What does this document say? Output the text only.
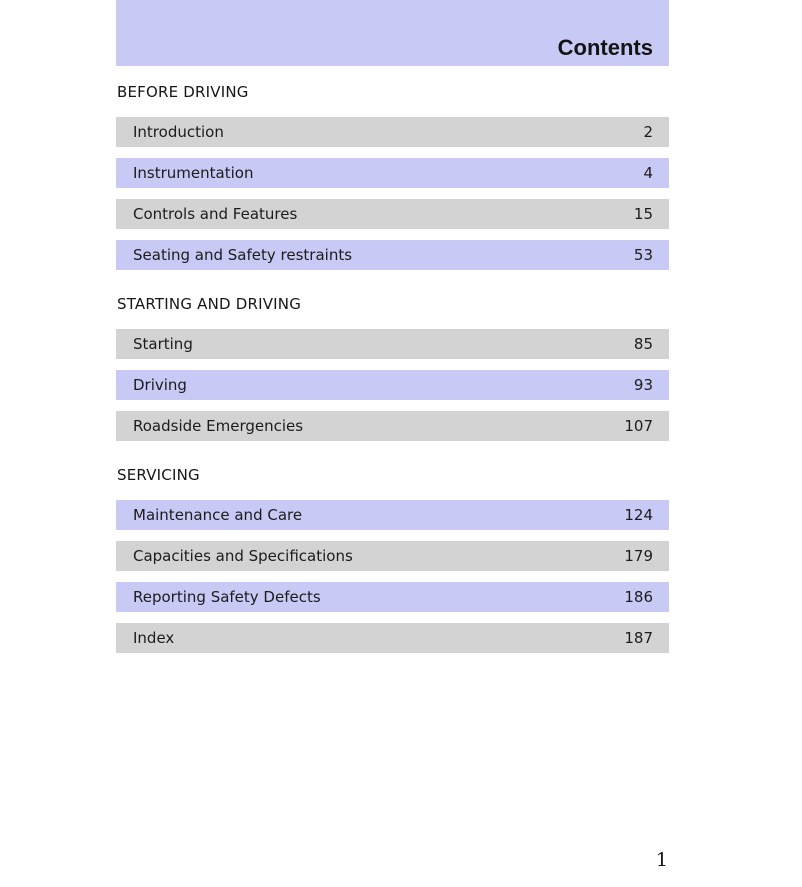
Contents
BEFORE DRIVING
Introduction	2
Instrumentation	4
Controls and Features	15
Seating and Safety restraints	53
STARTING AND DRIVING
Starting	85
Driving	93
Roadside Emergencies	107
SERVICING
Maintenance and Care	124
Capacities and Specifications	179
Reporting Safety Defects	186
Index	187
1
